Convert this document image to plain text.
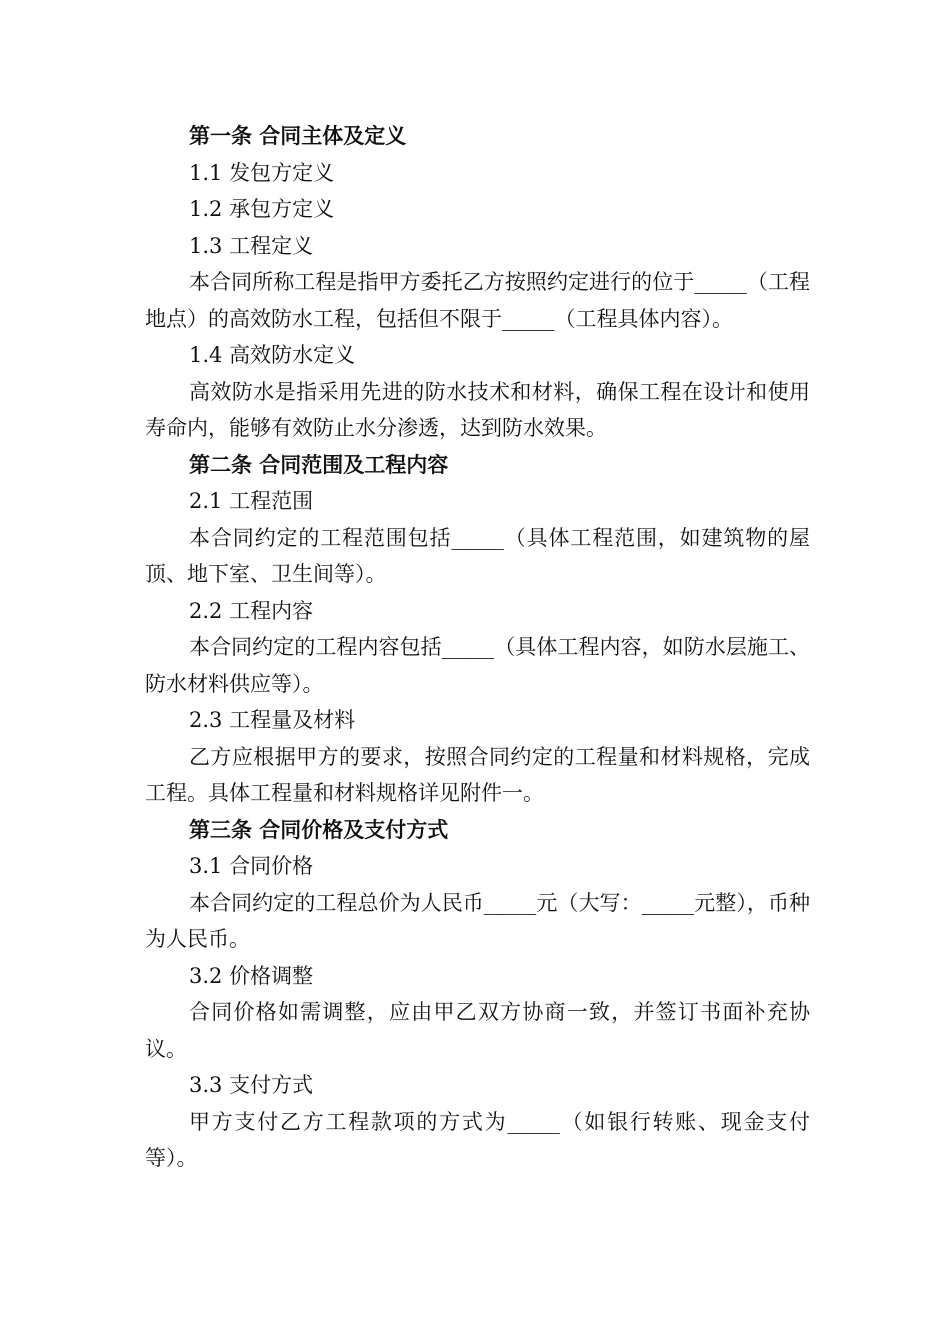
第一条 合同主体及定义

1.1 发包方定义

1.2 承包方定义

1.3 工程定义

本合同所称工程是指甲方委托乙方按照约定进行的位于_____（工程地点）的高效防水工程，包括但不限于_____（工程具体内容）。

1.4 高效防水定义

高效防水是指采用先进的防水技术和材料，确保工程在设计和使用寿命内，能够有效防止水分渗透，达到防水效果。

第二条 合同范围及工程内容

2.1 工程范围

本合同约定的工程范围包括_____（具体工程范围，如建筑物的屋顶、地下室、卫生间等）。

2.2 工程内容

本合同约定的工程内容包括_____（具体工程内容，如防水层施工、防水材料供应等）。

2.3 工程量及材料

乙方应根据甲方的要求，按照合同约定的工程量和材料规格，完成工程。具体工程量和材料规格详见附件一。

第三条 合同价格及支付方式

3.1 合同价格

本合同约定的工程总价为人民币_____元（大写：_____元整），币种为人民币。

3.2 价格调整

合同价格如需调整，应由甲乙双方协商一致，并签订书面补充协议。

3.3 支付方式

甲方支付乙方工程款项的方式为_____（如银行转账、现金支付等）。
